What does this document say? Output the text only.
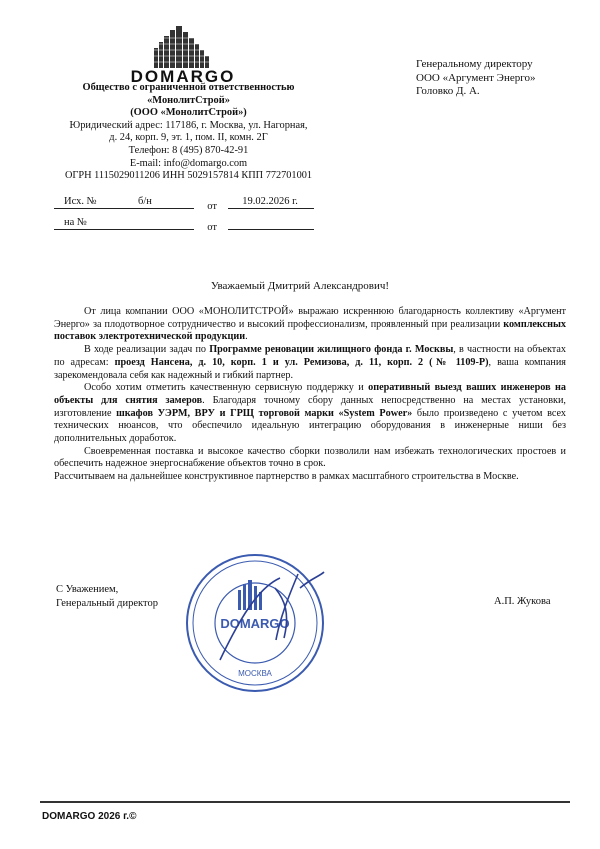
DOMARGO
Общество с ограниченной ответственностью
«МонолитСтрой»
(ООО «МонолитСтрой»)
Юридический адрес: 117186, г. Москва, ул. Нагорная,
д. 24, корп. 9, эт. 1, пом. II, комн. 2Г
Телефон: 8 (495) 870-42-91
E-mail: info@domargo.com
ОГРН 1115029011206 ИНН 5029157814 КПП 772701001
Генеральному директору
ООО «Аргумент Энерго»
Головко Д. А.
Исх. №	б/н	от 19.02.2026 г.
на №	от
Уважаемый Дмитрий Александрович!

От лица компании ООО «МОНОЛИТСТРОЙ» выражаю искреннюю благодарность коллективу «Аргумент Энерго» за плодотворное сотрудничество и высокий профессионализм, проявленный при реализации комплексных поставок электротехнической продукции.

В ходе реализации задач по Программе реновации жилищного фонда г. Москвы, в частности на объектах по адресам: проезд Нансена, д. 10, корп. 1 и ул. Ремизова, д. 11, корп. 2 (№ 1109-Р), ваша компания зарекомендовала себя как надежный и гибкий партнер.

Особо хотим отметить качественную сервисную поддержку и оперативный выезд ваших инженеров на объекты для снятия замеров. Благодаря точному сбору данных непосредственно на местах установки, изготовление шкафов УЭРМ, ВРУ и ГРЩ торговой марки «System Power» было произведено с учетом всех технических нюансов, что обеспечило идеальную интеграцию оборудования в инженерные ниши без дополнительных доработок.

Своевременная поставка и высокое качество сборки позволили нам избежать технологических простоев и обеспечить надежное энергоснабжение объектов точно в срок.

Рассчитываем на дальнейшее конструктивное партнерство в рамках масштабного строительства в Москве.

С Уважением,
Генеральный директор
DOMARGO
МОСКВА
А.П. Жукова
DOMARGO 2026 г.©
